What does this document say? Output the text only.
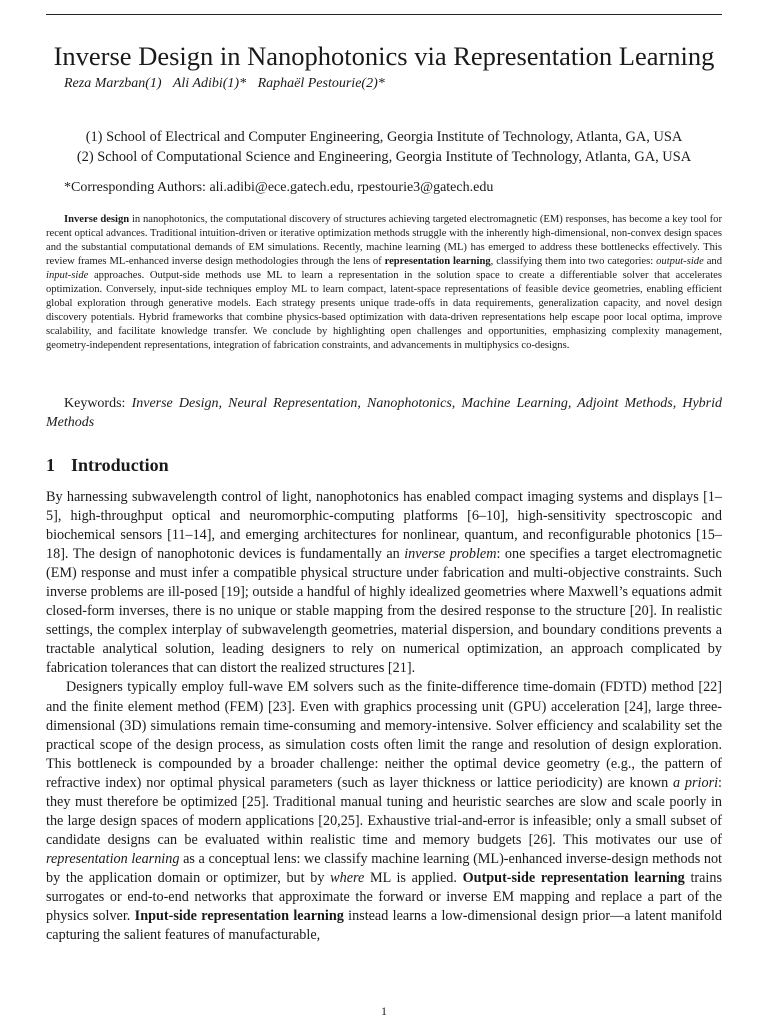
Inverse Design in Nanophotonics via Representation Learning
Reza Marzban(1) Ali Adibi(1)* Raphaël Pestourie(2)*
(1) School of Electrical and Computer Engineering, Georgia Institute of Technology, Atlanta, GA, USA
(2) School of Computational Science and Engineering, Georgia Institute of Technology, Atlanta, GA, USA
*Corresponding Authors: ali.adibi@ece.gatech.edu, rpestourie3@gatech.edu

Inverse design in nanophotonics, the computational discovery of structures achieving targeted electromagnetic (EM) responses, has become a key tool for recent optical advances. Traditional intuition-driven or iterative optimization methods struggle with the inherently high-dimensional, non-convex design spaces and the substantial computational demands of EM simulations. Recently, machine learning (ML) has emerged to address these bottlenecks effectively. This review frames ML-enhanced inverse design methodologies through the lens of representation learning, classifying them into two categories: output-side and input-side approaches. Output-side methods use ML to learn a representation in the solution space to create a differentiable solver that accelerates optimization. Conversely, input-side techniques employ ML to learn compact, latent-space representations of feasible device geometries, enabling efficient global exploration through generative models. Each strategy presents unique trade-offs in data requirements, generalization capacity, and novel design discovery potentials. Hybrid frameworks that combine physics-based optimization with data-driven representations help escape poor local optima, improve scalability, and facilitate knowledge transfer. We conclude by highlighting open challenges and opportunities, emphasizing complexity management, geometry-independent representations, integration of fabrication constraints, and advancements in multiphysics co-designs.

Keywords: Inverse Design, Neural Representation, Nanophotonics, Machine Learning, Adjoint Methods, Hybrid Methods

1 Introduction

By harnessing subwavelength control of light, nanophotonics has enabled compact imaging systems and displays [1–5], high-throughput optical and neuromorphic-computing platforms [6–10], high-sensitivity spectroscopic and biochemical sensors [11–14], and emerging architectures for nonlinear, quantum, and reconfigurable photonics [15–18]. The design of nanophotonic devices is fundamentally an inverse problem: one specifies a target electromagnetic (EM) response and must infer a compatible physical structure under fabrication and multi-objective constraints. Such inverse problems are ill-posed [19]; outside a handful of highly idealized geometries where Maxwell’s equations admit closed-form inverses, there is no unique or stable mapping from the desired response to the structure [20]. In realistic settings, the complex interplay of subwavelength geometries, material dispersion, and boundary conditions prevents a tractable analytical solution, leading designers to rely on numerical optimization, an approach complicated by fabrication tolerances that can distort the realized structures [21].

Designers typically employ full-wave EM solvers such as the finite-difference time-domain (FDTD) method [22] and the finite element method (FEM) [23]. Even with graphics processing unit (GPU) acceleration [24], large three-dimensional (3D) simulations remain time-consuming and memory-intensive. Solver efficiency and scalability set the practical scope of the design process, as simulation costs often limit the range and resolution of design exploration. This bottleneck is compounded by a broader challenge: neither the optimal device geometry (e.g., the pattern of refractive index) nor optimal physical parameters (such as layer thickness or lattice periodicity) are known a priori: they must therefore be optimized [25]. Traditional manual tuning and heuristic searches are slow and scale poorly in the large design spaces of modern applications [20,25]. Exhaustive trial-and-error is infeasible; only a small subset of candidate designs can be evaluated within realistic time and memory budgets [26]. This motivates our use of representation learning as a conceptual lens: we classify machine learning (ML)-enhanced inverse-design methods not by the application domain or optimizer, but by where ML is applied. Output-side representation learning trains surrogates or end-to-end networks that approximate the forward or inverse EM mapping and replace a part of the physics solver. Input-side representation learning instead learns a low-dimensional design prior—a latent manifold capturing the salient features of manufacturable,

1
